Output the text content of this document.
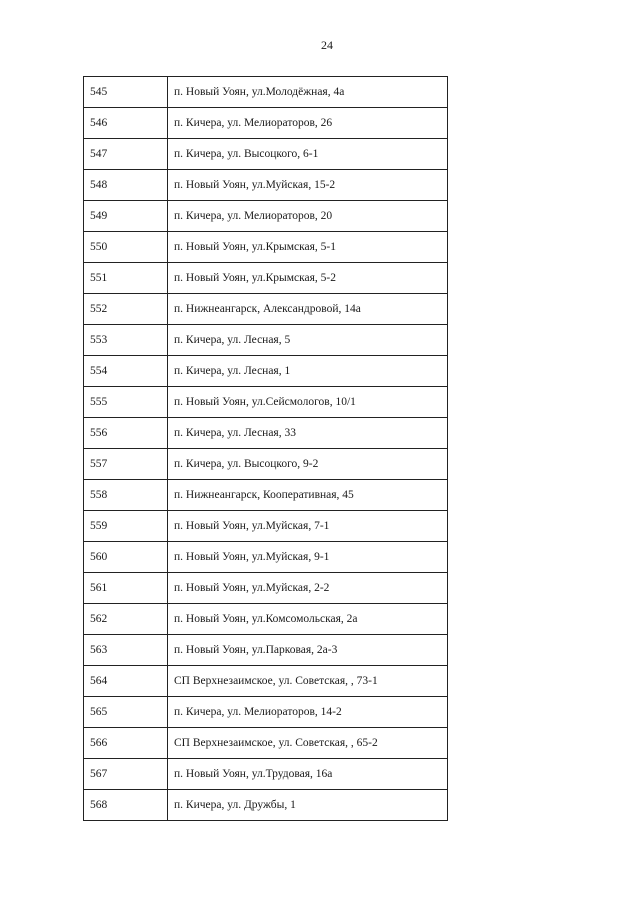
24
545	п. Новый Уоян, ул.Молодёжная, 4а
546	п. Кичера, ул. Мелиораторов, 26
547	п. Кичера, ул. Высоцкого, 6-1
548	п. Новый Уоян, ул.Муйская, 15-2
549	п. Кичера, ул. Мелиораторов, 20
550	п. Новый Уоян, ул.Крымская, 5-1
551	п. Новый Уоян, ул.Крымская, 5-2
552	п. Нижнеангарск, Александровой, 14а
553	п. Кичера, ул. Лесная, 5
554	п. Кичера, ул. Лесная, 1
555	п. Новый Уоян, ул.Сейсмологов, 10/1
556	п. Кичера, ул. Лесная, 33
557	п. Кичера, ул. Высоцкого, 9-2
558	п. Нижнеангарск, Кооперативная, 45
559	п. Новый Уоян, ул.Муйская, 7-1
560	п. Новый Уоян, ул.Муйская, 9-1
561	п. Новый Уоян, ул.Муйская, 2-2
562	п. Новый Уоян, ул.Комсомольская, 2а
563	п. Новый Уоян, ул.Парковая, 2а-3
564	СП Верхнезаимское, ул. Советская, , 73-1
565	п. Кичера, ул. Мелиораторов, 14-2
566	СП Верхнезаимское, ул. Советская, , 65-2
567	п. Новый Уоян, ул.Трудовая, 16а
568	п. Кичера, ул. Дружбы, 1
